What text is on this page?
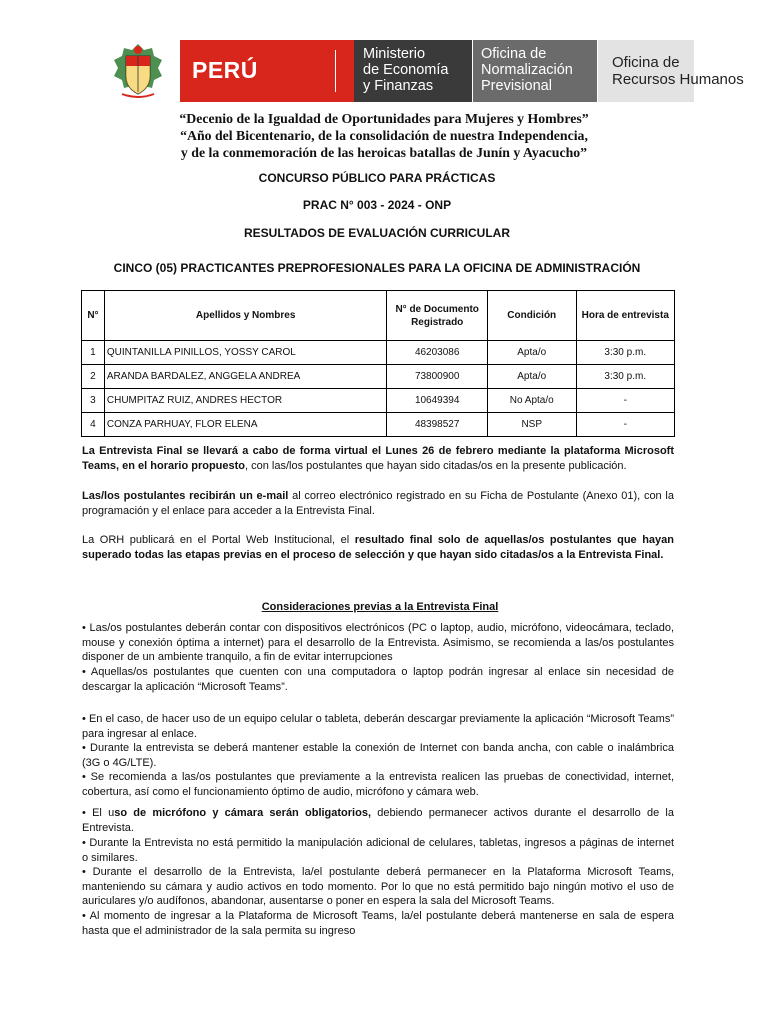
PERÚ
Ministerio
de Economía
y Finanzas
Oficina de
Normalización
Previsional
Oficina de
Recursos Humanos
“Decenio de la Igualdad de Oportunidades para Mujeres y Hombres”
“Año del Bicentenario, de la consolidación de nuestra Independencia,
y de la conmemoración de las heroicas batallas de Junín y Ayacucho”
CONCURSO PÚBLICO PARA PRÁCTICAS
PRAC N° 003 - 2024 - ONP
RESULTADOS DE EVALUACIÓN CURRICULAR
CINCO (05) PRACTICANTES PREPROFESIONALES PARA LA OFICINA DE ADMINISTRACIÓN
N°	Apellidos y Nombres	N° de Documento Registrado	Condición	Hora de entrevista
1	QUINTANILLA PINILLOS, YOSSY CAROL	46203086	Apta/o	3:30 p.m.
2	ARANDA BARDALEZ, ANGGELA ANDREA	73800900	Apta/o	3:30 p.m.
3	CHUMPITAZ RUIZ, ANDRES HECTOR	10649394	No Apta/o	-
4	CONZA PARHUAY, FLOR ELENA	48398527	NSP	-
La Entrevista Final se llevará a cabo de forma virtual el Lunes 26 de febrero mediante la plataforma Microsoft Teams, en el horario propuesto, con las/los postulantes que hayan sido citadas/os en la presente publicación.
Las/los postulantes recibirán un e-mail al correo electrónico registrado en su Ficha de Postulante (Anexo 01), con la programación y el enlace para acceder a la Entrevista Final.
La ORH publicará en el Portal Web Institucional, el resultado final solo de aquellas/os postulantes que hayan superado todas las etapas previas en el proceso de selección y que hayan sido citadas/os a la Entrevista Final.
Consideraciones previas a la Entrevista Final
• Las/os postulantes deberán contar con dispositivos electrónicos (PC o laptop, audio, micrófono, videocámara, teclado, mouse y conexión óptima a internet) para el desarrollo de la Entrevista. Asimismo, se recomienda a las/os postulantes disponer de un ambiente tranquilo, a fin de evitar interrupciones
• Aquellas/os postulantes que cuenten con una computadora o laptop podrán ingresar al enlace sin necesidad de descargar la aplicación “Microsoft Teams”.
• En el caso, de hacer uso de un equipo celular o tableta, deberán descargar previamente la aplicación “Microsoft Teams” para ingresar al enlace.
• Durante la entrevista se deberá mantener estable la conexión de Internet con banda ancha, con cable o inalámbrica (3G o 4G/LTE).
• Se recomienda a las/os postulantes que previamente a la entrevista realicen las pruebas de conectividad, internet, cobertura, así como el funcionamiento óptimo de audio, micrófono y cámara web.
• El uso de micrófono y cámara serán obligatorios, debiendo permanecer activos durante el desarrollo de la Entrevista.
• Durante la Entrevista no está permitido la manipulación adicional de celulares, tabletas, ingresos a páginas de internet o similares.
• Durante el desarrollo de la Entrevista, la/el postulante deberá permanecer en la Plataforma Microsoft Teams, manteniendo su cámara y audio activos en todo momento. Por lo que no está permitido bajo ningún motivo el uso de auriculares y/o audífonos, abandonar, ausentarse o poner en espera la sala del Microsoft Teams.
• Al momento de ingresar a la Plataforma de Microsoft Teams, la/el postulante deberá mantenerse en sala de espera hasta que el administrador de la sala permita su ingreso
